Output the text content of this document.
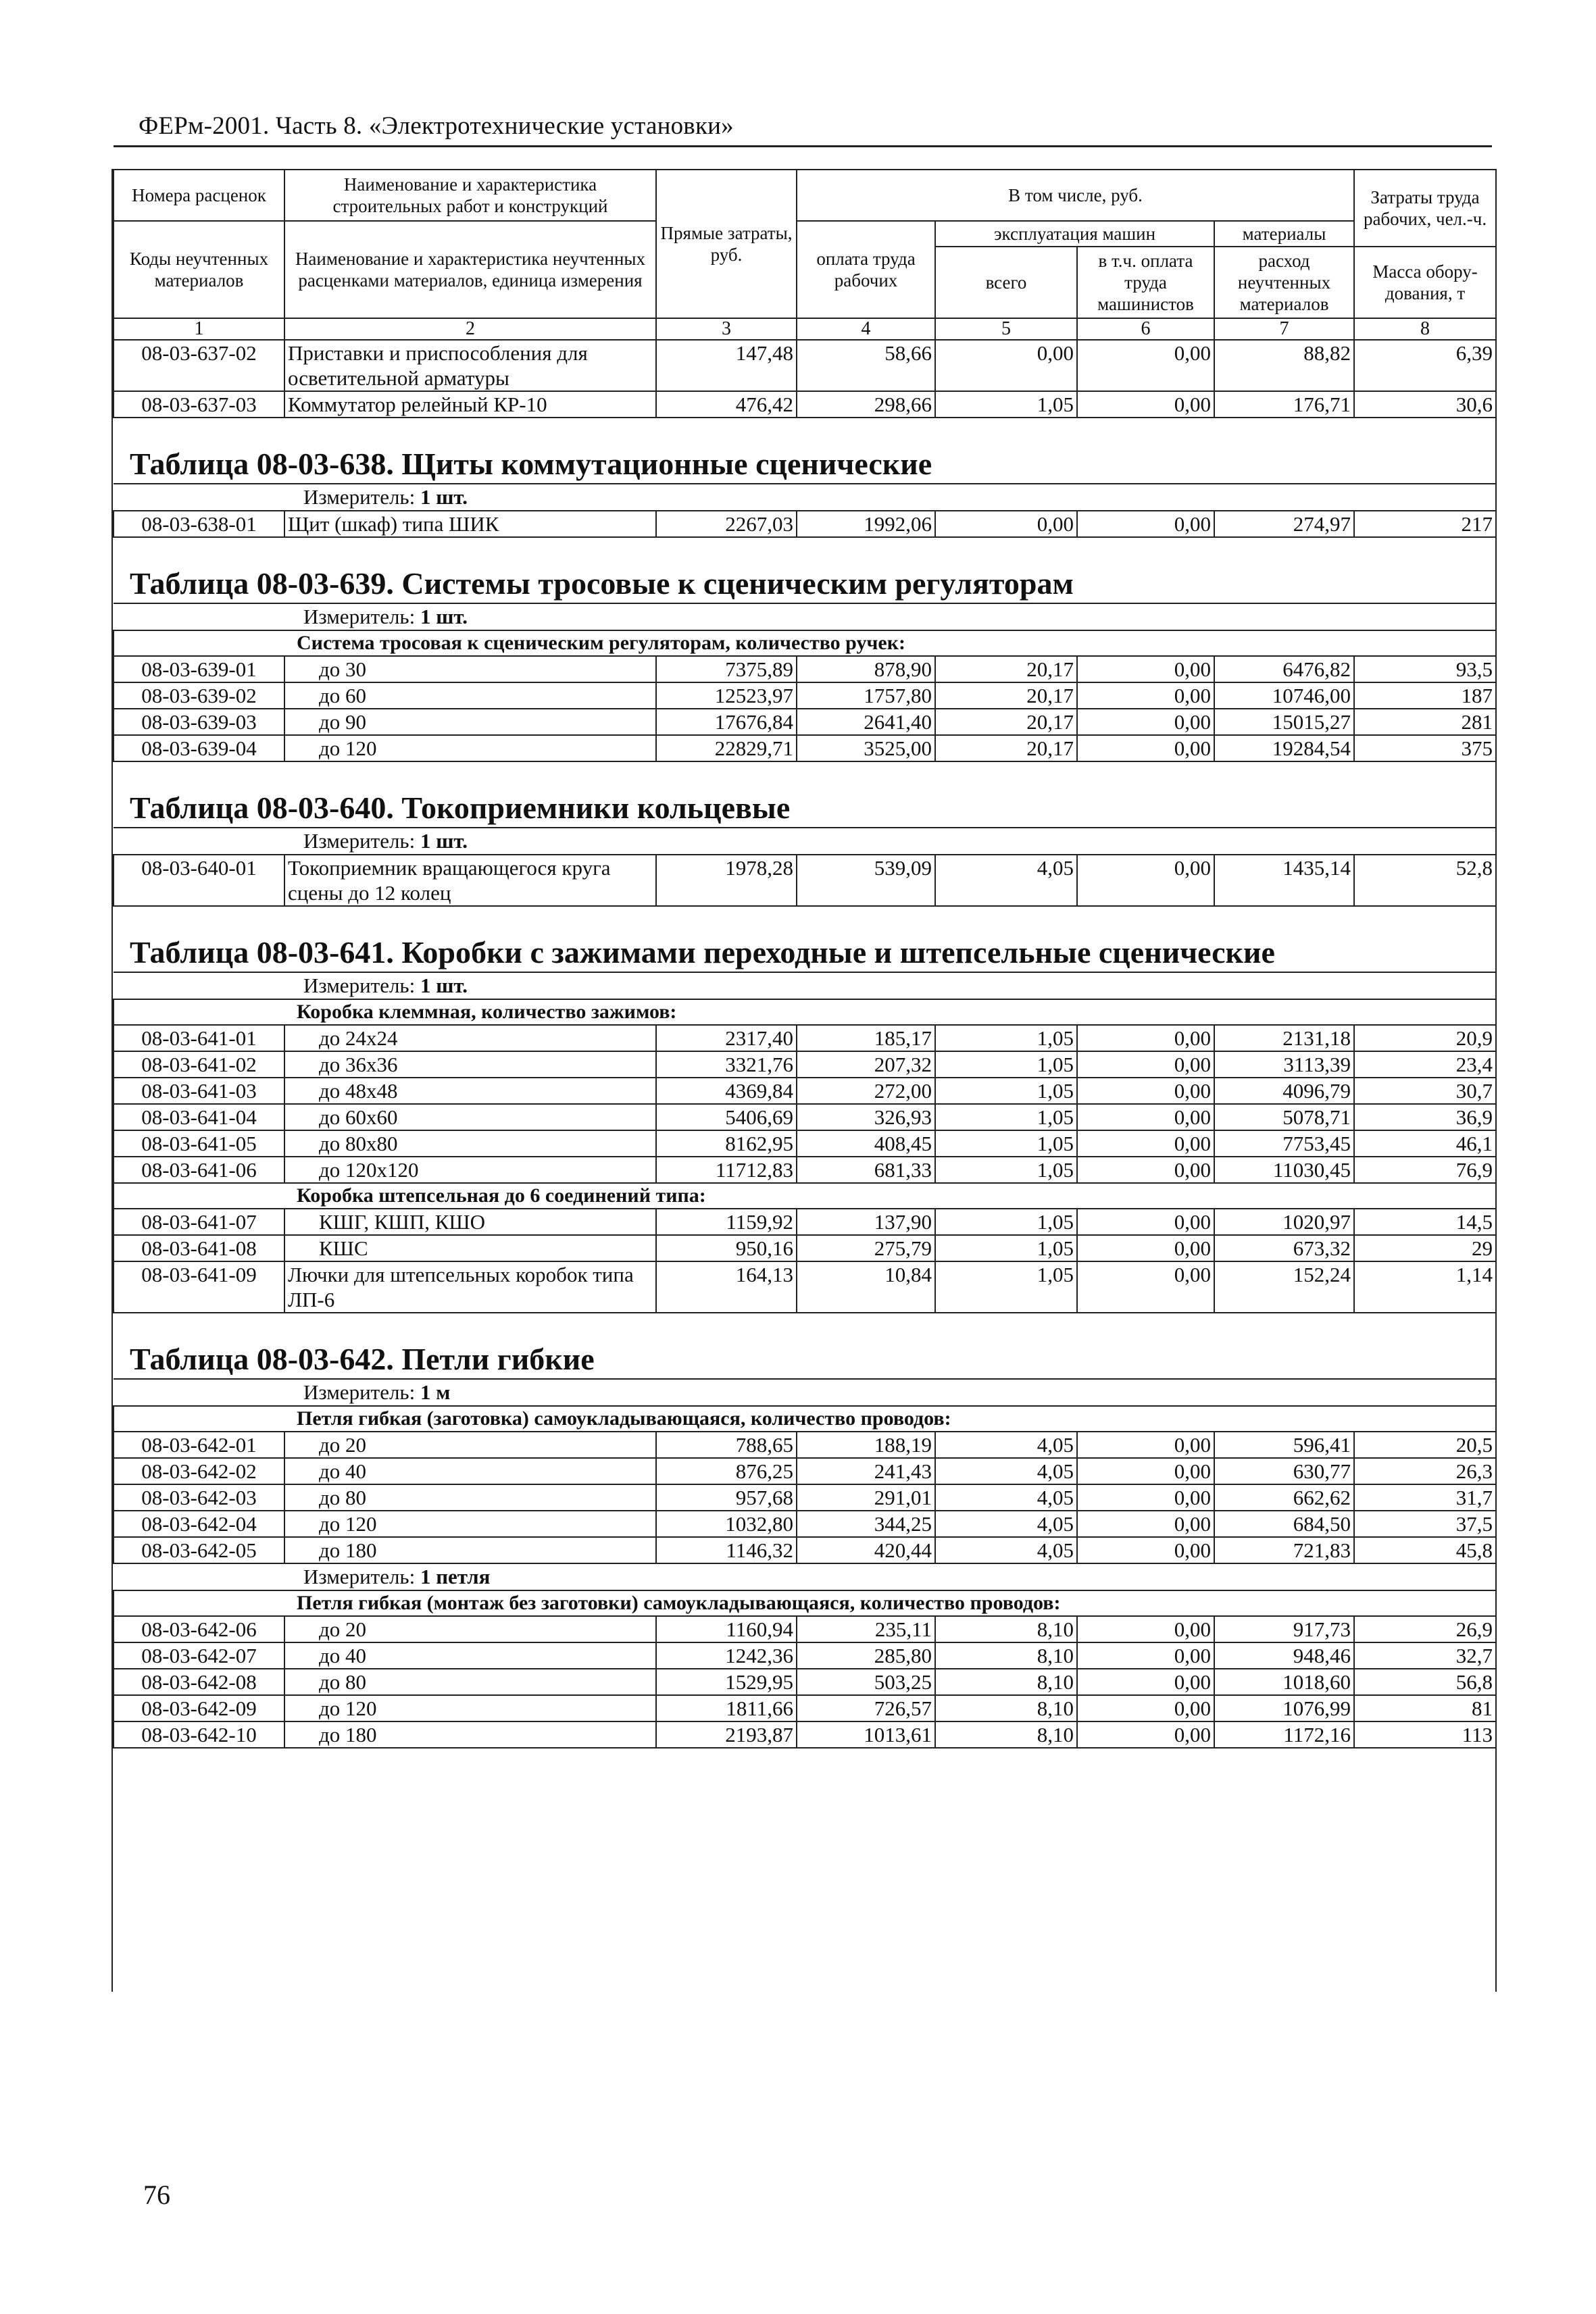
ФЕРм-2001. Часть 8. «Электротехнические установки»
Номера расценок	Наименование и характеристика строительных работ и конструкций	Прямые затраты, руб.	В том числе, руб.				Затраты труда рабочих, чел.-ч.
Коды неучтенных материалов	Наименование и характеристика неучтенных расценками материалов, единица измерения		оплата труда рабочих	эксплуатация машин		материалы	
				всего	в т.ч. оплата труда машинистов	расход неучтенных материалов	Масса обору-дования, т
1	2	3	4	5	6	7	8
08-03-637-02	Приставки и приспособления для осветительной арматуры	147,48	58,66	0,00	0,00	88,82	6,39
08-03-637-03	Коммутатор релейный КР-10	476,42	298,66	1,05	0,00	176,71	30,6

Таблица 08-03-638. Щиты коммутационные сценические							

Измеритель: 1 шт.							

08-03-638-01	Щит (шкаф) типа ШИК	2267,03	1992,06	0,00	0,00	274,97	217

Таблица 08-03-639. Системы тросовые к сценическим регуляторам							

Измеритель: 1 шт.							

Система тросовая к сценическим регуляторам, количество ручек:							
08-03-639-01	до 30	7375,89	878,90	20,17	0,00	6476,82	93,5
08-03-639-02	до 60	12523,97	1757,80	20,17	0,00	10746,00	187
08-03-639-03	до 90	17676,84	2641,40	20,17	0,00	15015,27	281
08-03-639-04	до 120	22829,71	3525,00	20,17	0,00	19284,54	375

Таблица 08-03-640. Токоприемники кольцевые							

Измеритель: 1 шт.							

08-03-640-01	Токоприемник вращающегося круга сцены до 12 колец	1978,28	539,09	4,05	0,00	1435,14	52,8

Таблица 08-03-641. Коробки с зажимами переходные и штепсельные сценические							

Измеритель: 1 шт.							

Коробка клеммная, количество зажимов:							
08-03-641-01	до 24x24	2317,40	185,17	1,05	0,00	2131,18	20,9
08-03-641-02	до 36x36	3321,76	207,32	1,05	0,00	3113,39	23,4
08-03-641-03	до 48x48	4369,84	272,00	1,05	0,00	4096,79	30,7
08-03-641-04	до 60x60	5406,69	326,93	1,05	0,00	5078,71	36,9
08-03-641-05	до 80x80	8162,95	408,45	1,05	0,00	7753,45	46,1
08-03-641-06	до 120x120	11712,83	681,33	1,05	0,00	11030,45	76,9
Коробка штепсельная до 6 соединений типа:							
08-03-641-07	КШГ, КШП, КШО	1159,92	137,90	1,05	0,00	1020,97	14,5
08-03-641-08	КШС	950,16	275,79	1,05	0,00	673,32	29
08-03-641-09	Лючки для штепсельных коробок типа ЛП-6	164,13	10,84	1,05	0,00	152,24	1,14

Таблица 08-03-642. Петли гибкие							

Измеритель: 1 м							

Петля гибкая (заготовка) самоукладывающаяся, количество проводов:							
08-03-642-01	до 20	788,65	188,19	4,05	0,00	596,41	20,5
08-03-642-02	до 40	876,25	241,43	4,05	0,00	630,77	26,3
08-03-642-03	до 80	957,68	291,01	4,05	0,00	662,62	31,7
08-03-642-04	до 120	1032,80	344,25	4,05	0,00	684,50	37,5
08-03-642-05	до 180	1146,32	420,44	4,05	0,00	721,83	45,8

Измеритель: 1 петля							

Петля гибкая (монтаж без заготовки) самоукладывающаяся, количество проводов:							
08-03-642-06	до 20	1160,94	235,11	8,10	0,00	917,73	26,9
08-03-642-07	до 40	1242,36	285,80	8,10	0,00	948,46	32,7
08-03-642-08	до 80	1529,95	503,25	8,10	0,00	1018,60	56,8
08-03-642-09	до 120	1811,66	726,57	8,10	0,00	1076,99	81
08-03-642-10	до 180	2193,87	1013,61	8,10	0,00	1172,16	113
76
